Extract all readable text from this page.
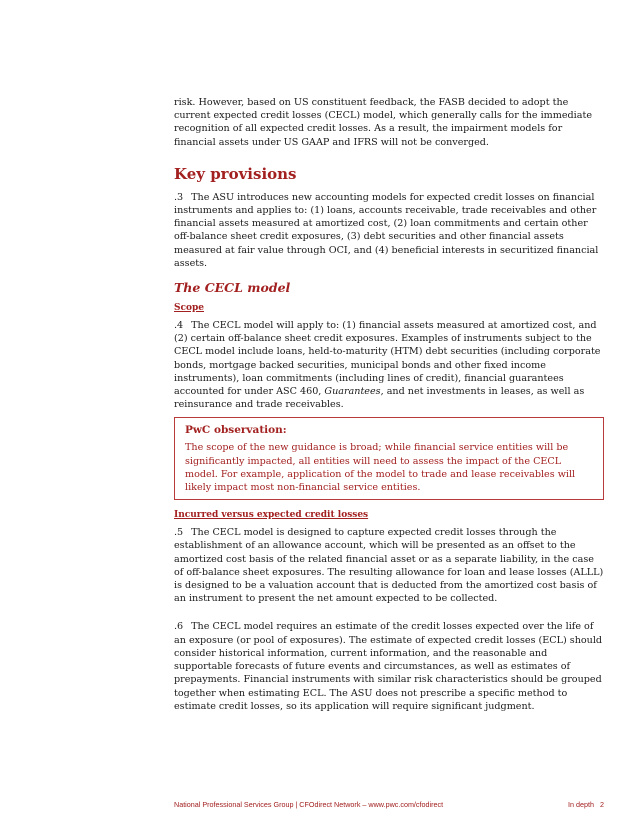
risk. However, based on US constituent feedback, the FASB decided to adopt the current expected credit losses (CECL) model, which generally calls for the immediate recognition of all expected credit losses. As a result, the impairment models for financial assets under US GAAP and IFRS will not be converged.

Key provisions

.3 The ASU introduces new accounting models for expected credit losses on financial instruments and applies to: (1) loans, accounts receivable, trade receivables and other financial assets measured at amortized cost, (2) loan commitments and certain other off-balance sheet credit exposures, (3) debt securities and other financial assets measured at fair value through OCI, and (4) beneficial interests in securitized financial assets.

The CECL model
Scope

.4 The CECL model will apply to: (1) financial assets measured at amortized cost, and (2) certain off-balance sheet credit exposures. Examples of instruments subject to the CECL model include loans, held-to-maturity (HTM) debt securities (including corporate bonds, mortgage backed securities, municipal bonds and other fixed income instruments), loan commitments (including lines of credit), financial guarantees accounted for under ASC 460, Guarantees, and net investments in leases, as well as reinsurance and trade receivables.

PwC observation:

The scope of the new guidance is broad; while financial service entities will be significantly impacted, all entities will need to assess the impact of the CECL model. For example, application of the model to trade and lease receivables will likely impact most non-financial service entities.

Incurred versus expected credit losses

.5 The CECL model is designed to capture expected credit losses through the establishment of an allowance account, which will be presented as an offset to the amortized cost basis of the related financial asset or as a separate liability, in the case of off-balance sheet exposures. The resulting allowance for loan and lease losses (ALLL) is designed to be a valuation account that is deducted from the amortized cost basis of an instrument to present the net amount expected to be collected.

.6 The CECL model requires an estimate of the credit losses expected over the life of an exposure (or pool of exposures). The estimate of expected credit losses (ECL) should consider historical information, current information, and the reasonable and supportable forecasts of future events and circumstances, as well as estimates of prepayments. Financial instruments with similar risk characteristics should be grouped together when estimating ECL. The ASU does not prescribe a specific method to estimate credit losses, so its application will require significant judgment.

National Professional Services Group | CFOdirect Network – www.pwc.com/cfodirect	In depth 2
